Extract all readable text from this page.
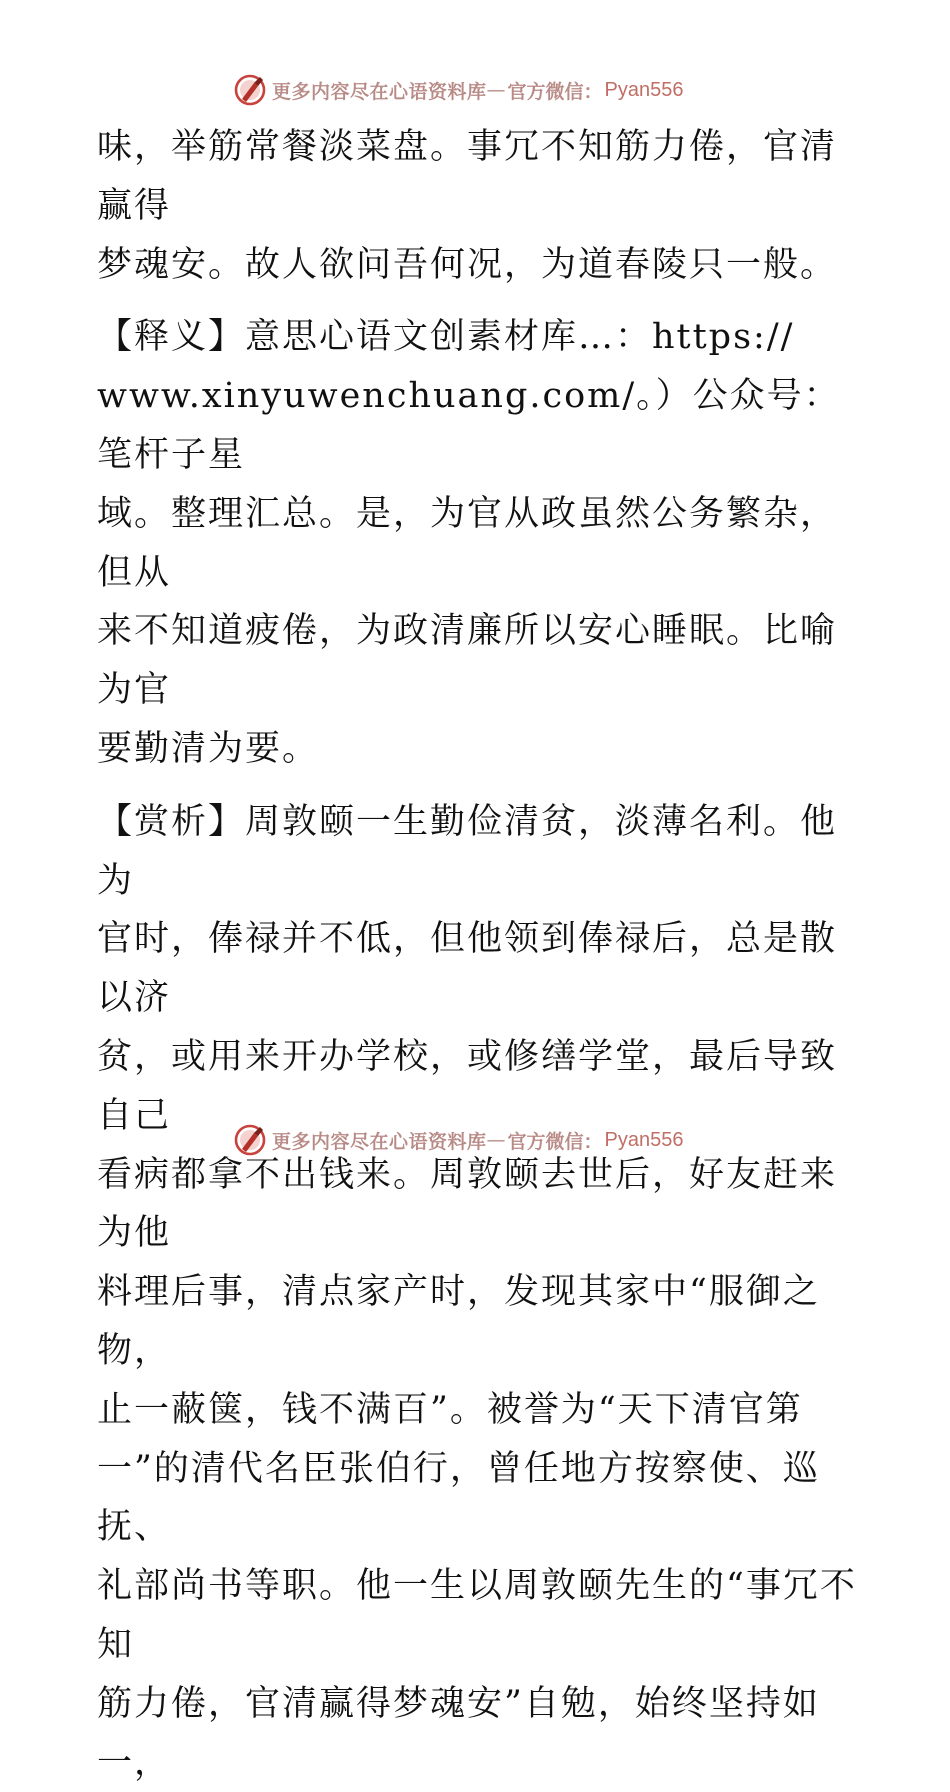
更多内容尽在心语资料库 — 官方微信： Pyan556

味，举筋常餐淡菜盘。事冗不知筋力倦，官清赢得

梦魂安。故人欲问吾何况，为道春陵只一般。

【释义】意思心语文创素材库…：https://

www.xinyuwenchuang.com/。）公众号：笔杆子星

域。整理汇总。是，为官从政虽然公务繁杂，但从

来不知道疲倦，为政清廉所以安心睡眠。比喻为官

要勤清为要。

【赏析】周敦颐一生勤俭清贫，淡薄名利。他为

官时，俸禄并不低，但他领到俸禄后，总是散以济

贫，或用来开办学校，或修缮学堂，最后导致自己

看病都拿不出钱来。周敦颐去世后，好友赶来为他

料理后事，清点家产时，发现其家中“服御之物，

止一蔽箧，钱不满百”。被誉为“天下清官第

一”的清代名臣张伯行，曾任地方按察使、巡抚、

礼部尚书等职。他一生以周敦颐先生的“事冗不知

筋力倦，官清赢得梦魂安”自勉，始终坚持如一，

更多内容尽在心语资料库 — 官方微信： Pyan556
